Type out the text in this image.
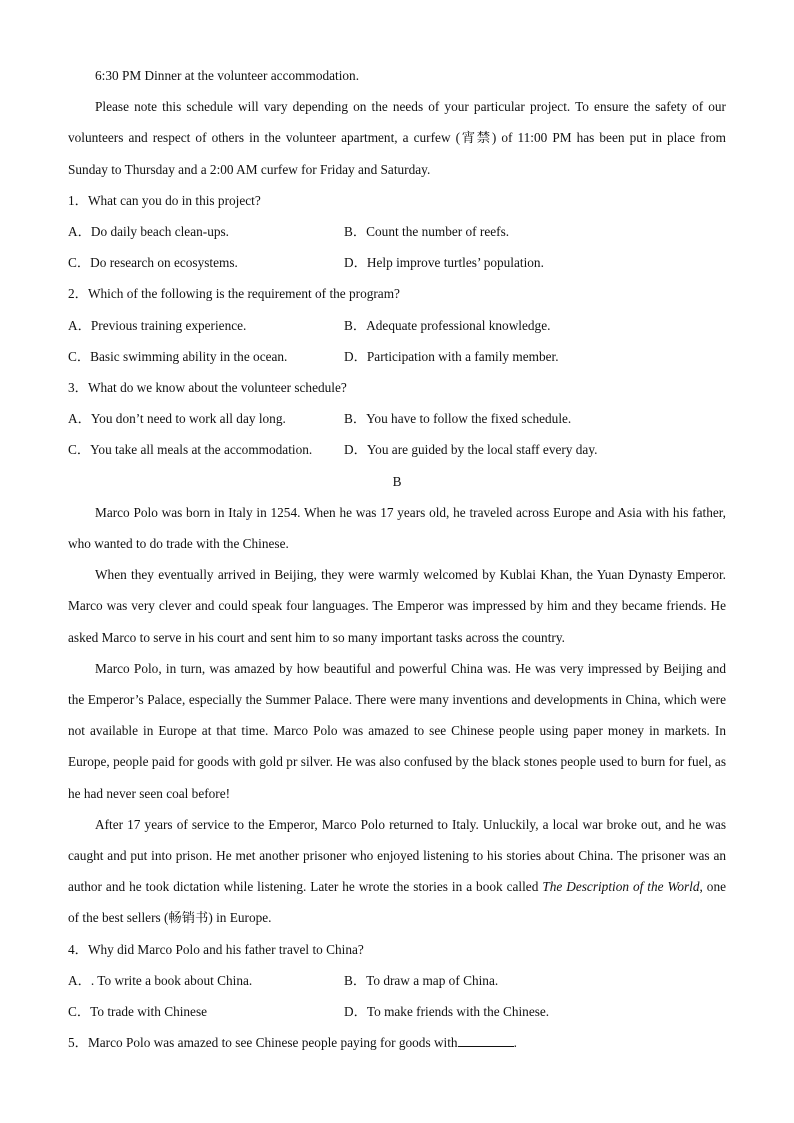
6:30 PM Dinner at the volunteer accommodation.

Please note this schedule will vary depending on the needs of your particular project. To ensure the safety of our volunteers and respect of others in the volunteer apartment, a curfew (宵禁) of 11:00 PM has been put in place from Sunday to Thursday and a 2:00 AM curfew for Friday and Saturday.

1．What can you do in this project?

A．Do daily beach clean-ups.	B．Count the number of reefs.
C．Do research on ecosystems.	D．Help improve turtles’ population.

2．Which of the following is the requirement of the program?

A．Previous training experience.	B．Adequate professional knowledge.
C．Basic swimming ability in the ocean.	D．Participation with a family member.

3．What do we know about the volunteer schedule?

A．You don’t need to work all day long.	B．You have to follow the fixed schedule.
C．You take all meals at the accommodation.	D．You are guided by the local staff every day.

B

Marco Polo was born in Italy in 1254. When he was 17 years old, he traveled across Europe and Asia with his father, who wanted to do trade with the Chinese.

When they eventually arrived in Beijing, they were warmly welcomed by Kublai Khan, the Yuan Dynasty Emperor. Marco was very clever and could speak four languages. The Emperor was impressed by him and they became friends. He asked Marco to serve in his court and sent him to so many important tasks across the country.

Marco Polo, in turn, was amazed by how beautiful and powerful China was. He was very impressed by Beijing and the Emperor’s Palace, especially the Summer Palace. There were many inventions and developments in China, which were not available in Europe at that time. Marco Polo was amazed to see Chinese people using paper money in markets. In Europe, people paid for goods with gold pr silver. He was also confused by the black stones people used to burn for fuel, as he had never seen coal before!

After 17 years of service to the Emperor, Marco Polo returned to Italy. Unluckily, a local war broke out, and he was caught and put into prison. He met another prisoner who enjoyed listening to his stories about China. The prisoner was an author and he took dictation while listening. Later he wrote the stories in a book called The Description of the World, one of the best sellers (畅销书) in Europe.

4．Why did Marco Polo and his father travel to China?

A．. To write a book about China.	B．To draw a map of China.
C．To trade with Chinese	D．To make friends with the Chinese.

5．Marco Polo was amazed to see Chinese people paying for goods with	.
